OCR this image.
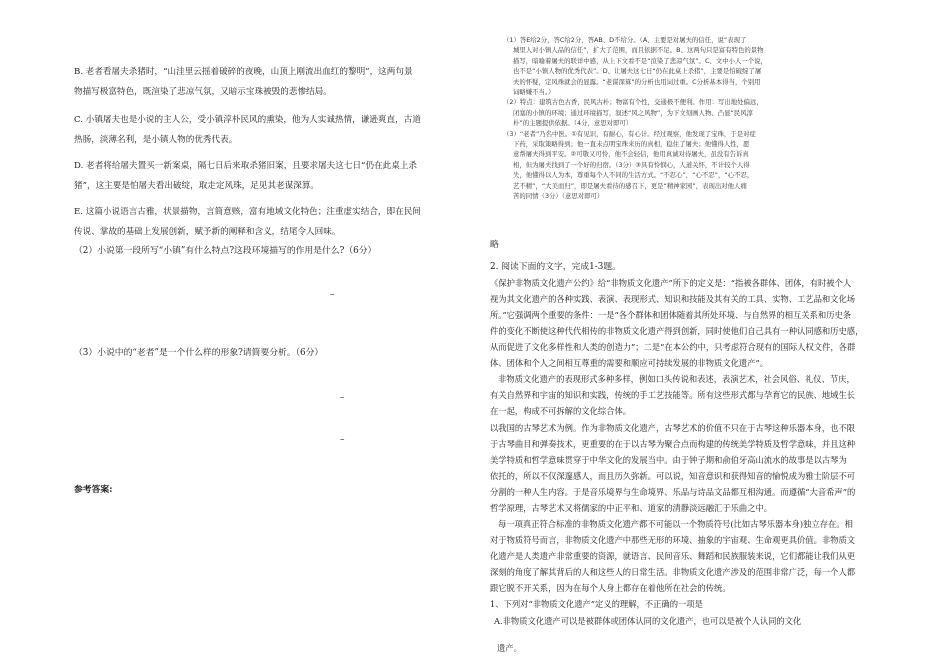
B. 老者看屠夫杀猪时，“山洼里云摇着破碎的夜晚，山顶上刚流出血红的黎明”，这两句景
物描写极富特色，既渲染了悲凉气氛，又暗示宝珠被毁的悲惨结局。
C. 小镇屠夫也是小说的主人公，受小镇淳朴民风的熏染，他为人实诚热情，谦逊爽直，古道
热肠，淡薄名利，是小镇人物的优秀代表。
D. 老者将给屠夫置买一新案桌，隔七日后来取杀猪旧案，且要求屠夫这七日“仍在此桌上杀
猪”，这主要是怕屠夫看出破绽，取走定风珠，足见其老谋深算。
E. 这篇小说语言古雅，状景描物，言简意赅，富有地域文化特色；注重虚实结合，即在民间
传说、掌故的基础上发展创新，赋予新的阐释和含义，结尾令人回味。
（2）小说第一段所写“小镇”有什么特点?这段环境描写的作用是什么?（6分）
–
（3）小说中的“老者”是一个什么样的形象?请简要分析。（6分）
–
–
参考答案:
（1）答E给2分，答C给2分，答AB、D不给分。（A、主要是对屠夫的信任，说“表现了
城里人对小镇人品的信任”，扩大了范围，而且依据不足。B、这两句只是富有特色的景物
描写，暗喻着屠夫的联详中感，从上下文看不是“渲染了悲凉气氛”。C、文中小人一个说，
也不是“小镇人物的优秀代表”。D、让屠夫这七日“仍在此桌上杀猪”，主要是怕破绽了屠
夫的怀疑，定风珠就会的显露。“老谋深算”的分析也用词过重。C分析基本得当，个别用
词略嫌不当。）
（2）特点：建筑古色古香，民风古朴；物富有个性，交通极不便利。作用：写出地处偏远，
闭塞的小镇的环境；通过环境描写，叙述“风之风物”，为下文刻画人物、凸显“民风淳
朴”的主题提供依据。（4分，意思对即可）
（3）“老者”乃名中医。①有见识，有耐心，有心计。经过观察，他发现了宝珠，于是对症
下药，采取策略得到；他一直未点明宝珠来历的真相，稳住了屠夫；他懂得人性，愿
意帮屠夫得到平安。②可敬又可怜，他不会轻信，他用真诚对待屠夫，虽没有告诉真
相，但为屠夫找到了一个好的归宿。（3分）③具有怜悯心，人道关怀，不计较个人得
失，他懂得以人为本，尊重每个人不同的生活方式。“不忍心”，“心不忍”，“心不忍，
艺不精”，“大美而归”，即是屠夫看待的感召下，更是“精神家园”，表现出对他人痛
苦的同情（3分）（意思对即可）
略
2. 阅读下面的文字，完成1-3题。
《保护非物质文化遗产公约》给“非物质文化遗产”所下的定义是：“指被各群体、团体，有时被个人
视为其文化遗产的各种实践、表演、表现形式、知识和技能及其有关的工具、实物、工艺品和文化场
所。”它强调两个重要的条件：一是“各个群体和团体随着其所处环境、与自然界的相互关系和历史条
件的变化不断使这种代代相传的非物质文化遗产得到创新，同时使他们自己具有一种认同感和历史感，
从而促进了文化多样性和人类的创造力”；二是“在本公约中，只考虑符合现有的国际人权文件，各群
体、团体和个人之间相互尊重的需要和顺应可持续发展的非物质文化遗产”。
非物质文化遗产的表现形式多种多样，例如口头传说和表述，表演艺术，社会风俗、礼仪、节庆，
有关自然界和宇宙的知识和实践，传统的手工艺技能等。所有这些形式都与孕育它的民族、地域生长
在一起，构成不可拆解的文化综合体。
以我国的古琴艺术为例。作为非物质文化遗产，古琴艺术的价值不只在于古琴这种乐器本身，也不限
于古琴曲目和弹奏技术，更重要的在于以古琴为聚合点而构建的传统美学特质及哲学意味，并且这种
美学特质和哲学意味贯穿于中华文化的发展当中。由于钟子期和俞伯牙高山流水的故事是以古琴为
依托的，所以不仅深邃感人，而且历久弥新。可以说，知音意识和获得知音的愉悦成为雅士阶层不可
分割的一种人生内容。于是音乐境界与生命境界、乐品与诗品文品都互相沟通。而遵循“大音希声”的
哲学原理，古琴艺术又将儒家的中正平和、道家的清静淡远融汇于乐曲之中。
每一项真正符合标准的非物质文化遗产都不可能以一个物质符号(比如古琴乐器本身)独立存在。相
对于物质符号而言，非物质文化遗产中那些无形的环境、抽象的宇宙观、生命观更具价值。非物质文
化遗产是人类遗产非常重要的资源，就语言、民间音乐、舞蹈和民族服装来说，它们都能让我们从更
深刻的角度了解其背后的人和这些人的日常生活。非物质文化遗产涉及的范围非常广泛，每一个人都
跟它脱不开关系，因为在每个人身上都存在着他所在社会的传统。
1、下列对“非物质文化遗产”定义的理解，不正确的一项是
A.非物质文化遗产可以是被群体或团体认同的文化遗产，也可以是被个人认同的文化
遗产。
